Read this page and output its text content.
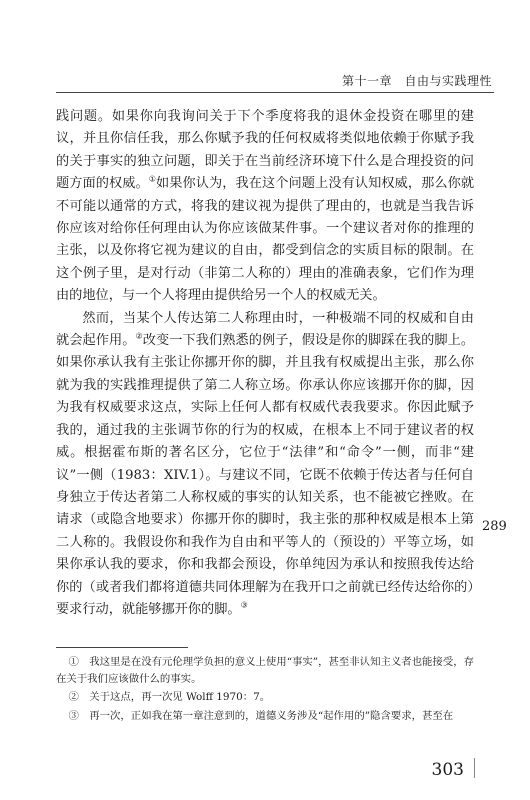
第十一章　自由与实践理性

践问题。如果你向我询问关于下个季度将我的退休金投资在哪里的建议，并且你信任我，那么你赋予我的任何权威将类似地依赖于你赋予我的关于事实的独立问题，即关于在当前经济环境下什么是合理投资的问题方面的权威。①如果你认为，我在这个问题上没有认知权威，那么你就不可能以通常的方式，将我的建议视为提供了理由的，也就是当我告诉你应该对给你任何理由认为你应该做某件事。一个建议者对你的推理的主张，以及你将它视为建议的自由，都受到信念的实质目标的限制。在这个例子里，是对行动（非第二人称的）理由的准确表象，它们作为理由的地位，与一个人将理由提供给另一个人的权威无关。

然而，当某个人传达第二人称理由时，一种极端不同的权威和自由就会起作用。②改变一下我们熟悉的例子，假设是你的脚踩在我的脚上。如果你承认我有主张让你挪开你的脚，并且我有权威提出主张，那么你就为我的实践推理提供了第二人称立场。你承认你应该挪开你的脚，因为我有权威要求这点，实际上任何人都有权威代表我要求。你因此赋予我的，通过我的主张调节你的行为的权威，在根本上不同于建议者的权威。根据霍布斯的著名区分，它位于“法律”和“命令”一侧，而非“建议”一侧（1983：XIV.1）。与建议不同，它既不依赖于传达者与任何自身独立于传达者第二人称权威的事实的认知关系，也不能被它挫败。在请求（或隐含地要求）你挪开你的脚时，我主张的那种权威是根本上第二人称的。我假设你和我作为自由和平等人的（预设的）平等立场，如果你承认我的要求，你和我都会预设，你单纯因为承认和按照我传达给你的（或者我们都将道德共同体理解为在我开口之前就已经传达给你的）要求行动，就能够挪开你的脚。③

289

①　我这里是在没有元伦理学负担的意义上使用“事实”，甚至非认知主义者也能接受，存在关于我们应该做什么的事实。

②　关于这点，再一次见 Wolff 1970：7。

③　再一次，正如我在第一章注意到的，道德义务涉及“起作用的”隐含要求，甚至在

303
